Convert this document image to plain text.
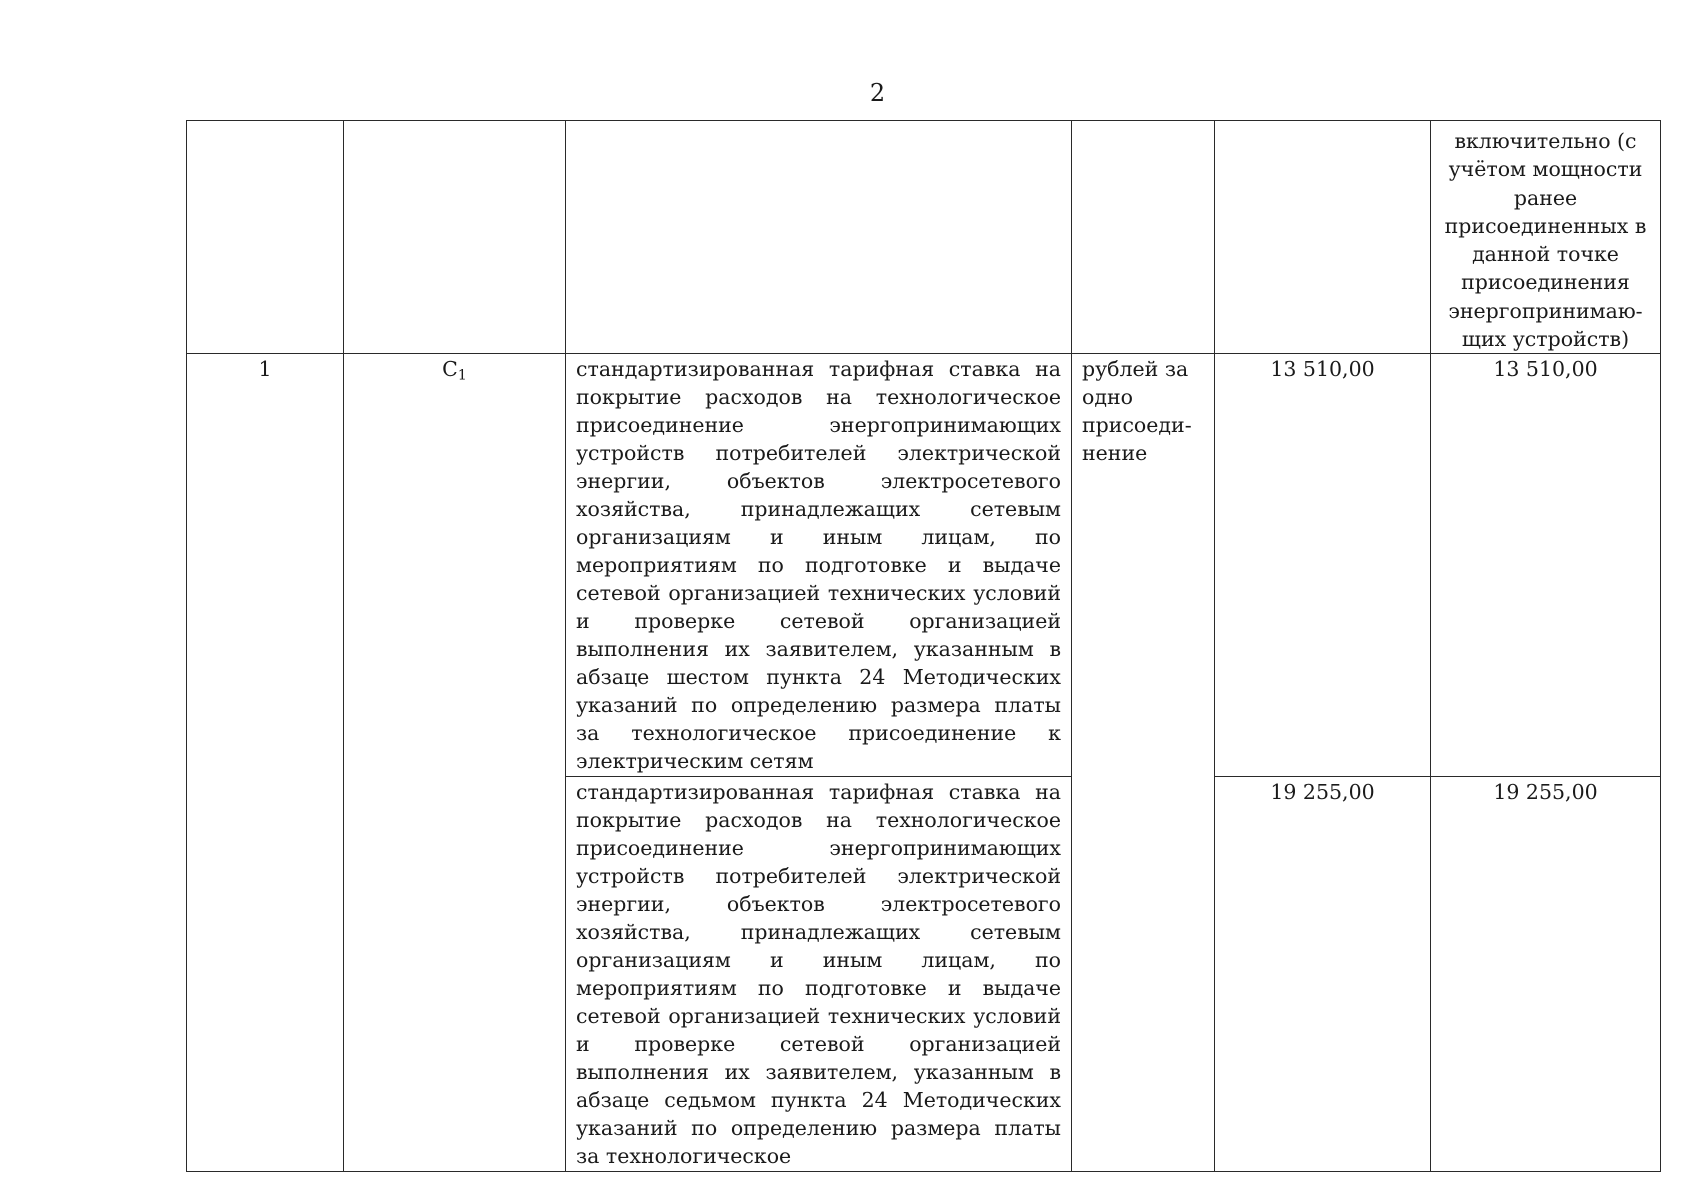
2

					включительно (с учётом мощности ранее присоединенных в данной точке присоединения энергопринимаю-щих устройств)

1	$C_1$	стандартизированная тарифная ставка на покрытие расходов на технологическое присоединение энергопринимающих устройств потребителей электрической энергии, объектов электросетевого хозяйства, принадлежащих сетевым организациям и иным лицам, по мероприятиям по подготовке и выдаче сетевой организацией технических условий и проверке сетевой организацией выполнения их заявителем, указанным в абзаце шестом пункта 24 Методических указаний по определению размера платы за технологическое присоединение к электрическим сетям	рублей за одно присоеди-нение	13 510,00	13 510,00

		стандартизированная тарифная ставка на покрытие расходов на технологическое присоединение энергопринимающих устройств потребителей электрической энергии, объектов электросетевого хозяйства, принадлежащих сетевым организациям и иным лицам, по мероприятиям по подготовке и выдаче сетевой организацией технических условий и проверке сетевой организацией выполнения их заявителем, указанным в абзаце седьмом пункта 24 Методических указаний по определению размера платы за технологическое		19 255,00	19 255,00
